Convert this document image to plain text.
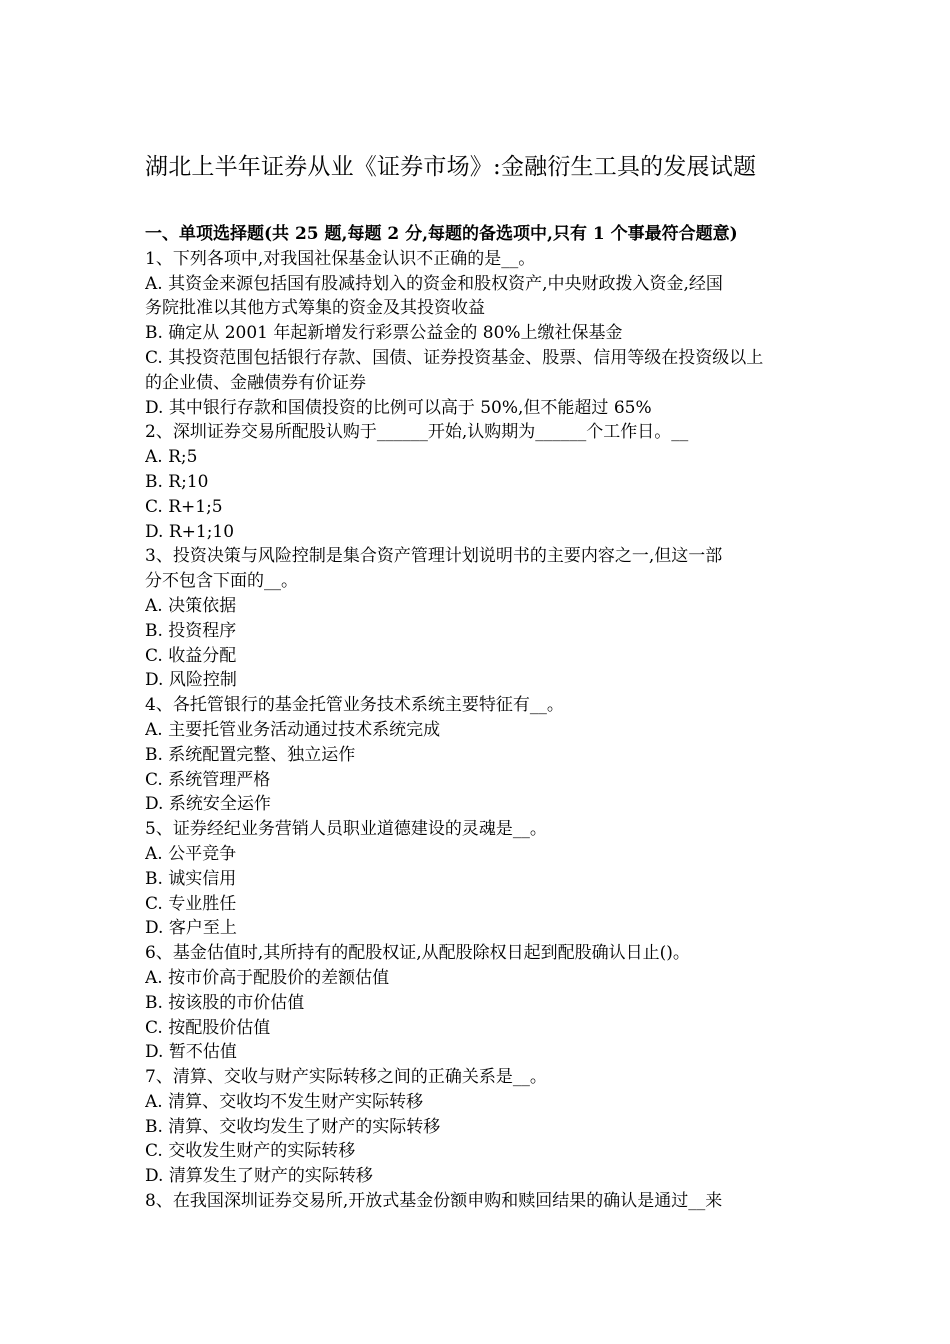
湖北上半年证券从业《证券市场》:金融衍生工具的发展试题
一、单项选择题(共 25 题,每题 2 分,每题的备选项中,只有 1 个事最符合题意)
1、下列各项中,对我国社保基金认识不正确的是__。
A. 其资金来源包括国有股减持划入的资金和股权资产,中央财政拨入资金,经国
务院批准以其他方式筹集的资金及其投资收益
B. 确定从 2001 年起新增发行彩票公益金的 80%上缴社保基金
C. 其投资范围包括银行存款、国债、证券投资基金、股票、信用等级在投资级以上
的企业债、金融债券有价证券
D. 其中银行存款和国债投资的比例可以高于 50%,但不能超过 65%
2、深圳证券交易所配股认购于______开始,认购期为______个工作日。__
A. R;5
B. R;10
C. R+1;5
D. R+1;10
3、投资决策与风险控制是集合资产管理计划说明书的主要内容之一,但这一部
分不包含下面的__。
A. 决策依据
B. 投资程序
C. 收益分配
D. 风险控制
4、各托管银行的基金托管业务技术系统主要特征有__。
A. 主要托管业务活动通过技术系统完成
B. 系统配置完整、独立运作
C. 系统管理严格
D. 系统安全运作
5、证券经纪业务营销人员职业道德建设的灵魂是__。
A. 公平竞争
B. 诚实信用
C. 专业胜任
D. 客户至上
6、基金估值时,其所持有的配股权证,从配股除权日起到配股确认日止()。
A. 按市价高于配股价的差额估值
B. 按该股的市价估值
C. 按配股价估值
D. 暂不估值
7、清算、交收与财产实际转移之间的正确关系是__。
A. 清算、交收均不发生财产实际转移
B. 清算、交收均发生了财产的实际转移
C. 交收发生财产的实际转移
D. 清算发生了财产的实际转移
8、在我国深圳证券交易所,开放式基金份额申购和赎回结果的确认是通过__来
